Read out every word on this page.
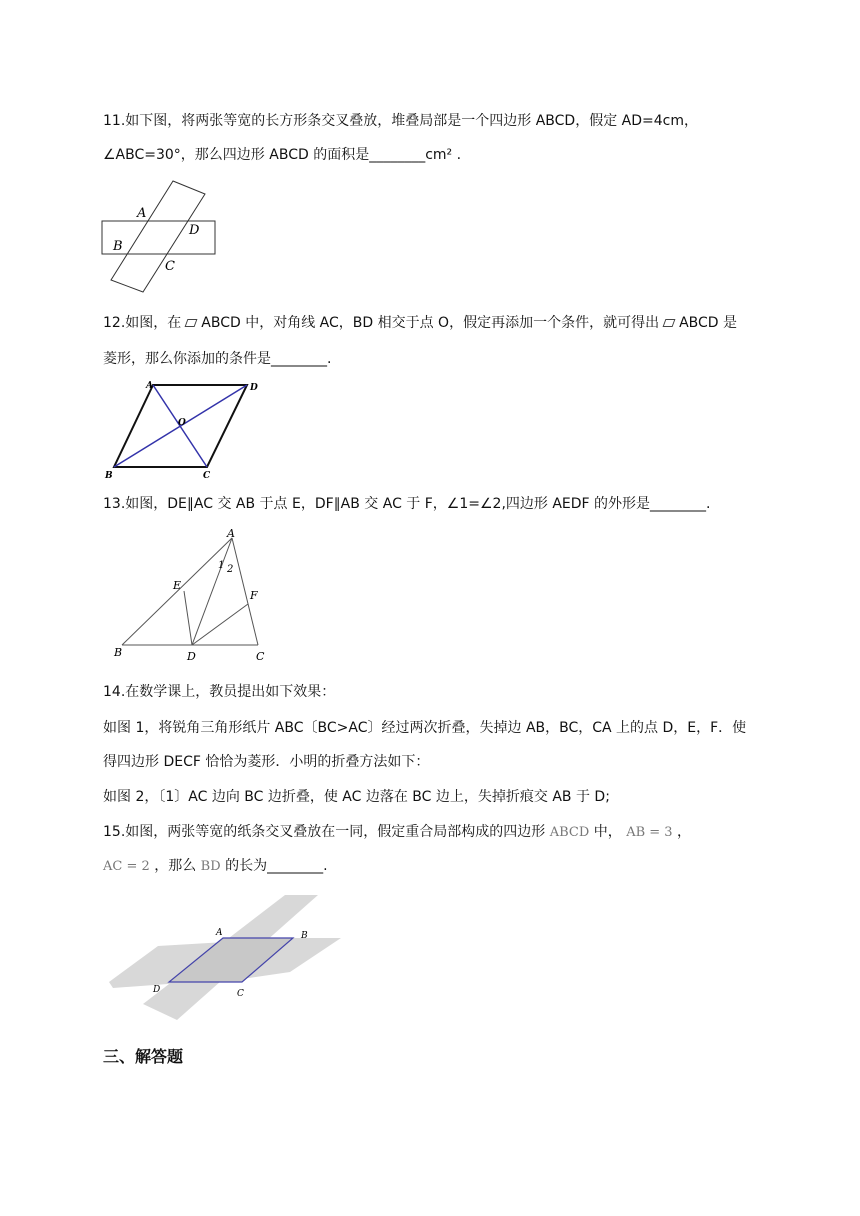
11.如下图，将两张等宽的长方形条交叉叠放，堆叠局部是一个四边形 ABCD，假定 AD=4cm，
∠ABC=30°，那么四边形 ABCD 的面积是________cm² .
A
B
D
C
12.如图，在 ABCD 中，对角线 AC，BD 相交于点 O，假定再添加一个条件，就可得出 ABCD 是
菱形，那么你添加的条件是________.
A	D
O
B	C
13.如图，DE∥AC 交 AB 于点 E，DF∥AB 交 AC 于 F，∠1=∠2,四边形 AEDF 的外形是________.
A
E
F
B	D	C
1 2
14.在数学课上，教员提出如下效果：
如图 1，将锐角三角形纸片 ABC〔BC>AC〕经过两次折叠，失掉边 AB，BC，CA 上的点 D，E，F．使
得四边形 DECF 恰恰为菱形．小明的折叠方法如下：
如图 2，〔1〕AC 边向 BC 边折叠，使 AC 边落在 BC 边上，失掉折痕交 AB 于 D;
15.如图，两张等宽的纸条交叉叠放在一同，假定重合局部构成的四边形 ABCD 中， AB = 3 ，
AC = 2 ，那么 BD 的长为________.
A	B
D	C
三、解答题
